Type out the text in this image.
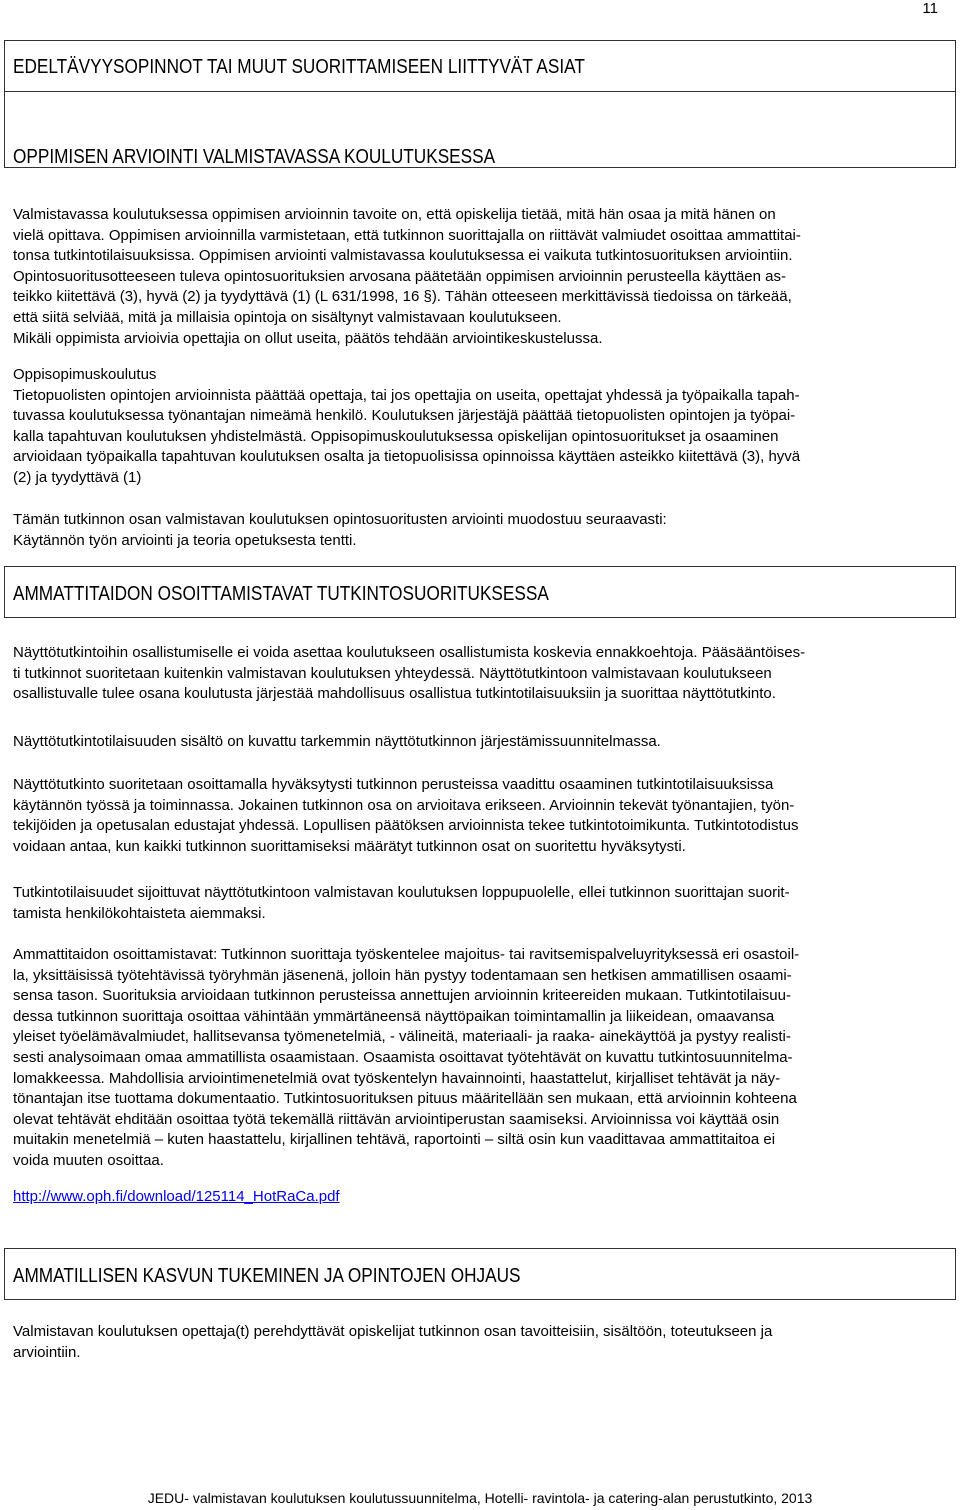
11
EDELTÄVYYSOPINNOT TAI MUUT SUORITTAMISEEN LIITTYVÄT ASIAT
OPPIMISEN ARVIOINTI VALMISTAVASSA KOULUTUKSESSA
Valmistavassa koulutuksessa oppimisen arvioinnin tavoite on, että opiskelija tietää, mitä hän osaa ja mitä hänen on
vielä opittava. Oppimisen arvioinnilla varmistetaan, että tutkinnon suorittajalla on riittävät valmiudet osoittaa ammattitai-
tonsa tutkintotilaisuuksissa. Oppimisen arviointi valmistavassa koulutuksessa ei vaikuta tutkintosuorituksen arviointiin.
Opintosuoritusotteeseen tuleva opintosuorituksien arvosana päätetään oppimisen arvioinnin perusteella käyttäen as-
teikko kiitettävä (3), hyvä (2) ja tyydyttävä (1) (L 631/1998, 16 §). Tähän otteeseen merkittävissä tiedoissa on tärkeää,
että siitä selviää, mitä ja millaisia opintoja on sisältynyt valmistavaan koulutukseen.
Mikäli oppimista arvioivia opettajia on ollut useita, päätös tehdään arviointikeskustelussa.
Oppisopimuskoulutus
Tietopuolisten opintojen arvioinnista päättää opettaja, tai jos opettajia on useita, opettajat yhdessä ja työpaikalla tapah-
tuvassa koulutuksessa työnantajan nimeämä henkilö. Koulutuksen järjestäjä päättää tietopuolisten opintojen ja työpai-
kalla tapahtuvan koulutuksen yhdistelmästä. Oppisopimuskoulutuksessa opiskelijan opintosuoritukset ja osaaminen
arvioidaan työpaikalla tapahtuvan koulutuksen osalta ja tietopuolisissa opinnoissa käyttäen asteikko kiitettävä (3), hyvä
(2) ja tyydyttävä (1)
Tämän tutkinnon osan valmistavan koulutuksen opintosuoritusten arviointi muodostuu seuraavasti:
Käytännön työn arviointi ja teoria opetuksesta tentti.
AMMATTITAIDON OSOITTAMISTAVAT TUTKINTOSUORITUKSESSA
Näyttötutkintoihin osallistumiselle ei voida asettaa koulutukseen osallistumista koskevia ennakkoehtoja. Pääsääntöises-
ti tutkinnot suoritetaan kuitenkin valmistavan koulutuksen yhteydessä. Näyttötutkintoon valmistavaan koulutukseen
osallistuvalle tulee osana koulutusta järjestää mahdollisuus osallistua tutkintotilaisuuksiin ja suorittaa näyttötutkinto.
Näyttötutkintotilaisuuden sisältö on kuvattu tarkemmin näyttötutkinnon järjestämissuunnitelmassa.
Näyttötutkinto suoritetaan osoittamalla hyväksytysti tutkinnon perusteissa vaadittu osaaminen tutkintotilaisuuksissa
käytännön työssä ja toiminnassa. Jokainen tutkinnon osa on arvioitava erikseen. Arvioinnin tekevät työnantajien, työn-
tekijöiden ja opetusalan edustajat yhdessä. Lopullisen päätöksen arvioinnista tekee tutkintotoimikunta. Tutkintotodistus
voidaan antaa, kun kaikki tutkinnon suorittamiseksi määrätyt tutkinnon osat on suoritettu hyväksytysti.
Tutkintotilaisuudet sijoittuvat näyttötutkintoon valmistavan koulutuksen loppupuolelle, ellei tutkinnon suorittajan suorit-
tamista henkilökohtaisteta aiemmaksi.
Ammattitaidon osoittamistavat: Tutkinnon suorittaja työskentelee majoitus- tai ravitsemispalveluyrityksessä eri osastoil-
la, yksittäisissä työtehtävissä työryhmän jäsenenä, jolloin hän pystyy todentamaan sen hetkisen ammatillisen osaami-
sensa tason. Suorituksia arvioidaan tutkinnon perusteissa annettujen arvioinnin kriteereiden mukaan. Tutkintotilaisuu-
dessa tutkinnon suorittaja osoittaa vähintään ymmärtäneensä näyttöpaikan toimintamallin ja liikeidean, omaavansa
yleiset työelämävalmiudet, hallitsevansa työmenetelmiä, - välineitä, materiaali- ja raaka- ainekäyttöä ja pystyy realisti-
sesti analysoimaan omaa ammatillista osaamistaan. Osaamista osoittavat työtehtävät on kuvattu tutkintosuunnitelma-
lomakkeessa. Mahdollisia arviointimenetelmiä ovat työskentelyn havainnointi, haastattelut, kirjalliset tehtävät ja näy-
tönantajan itse tuottama dokumentaatio. Tutkintosuorituksen pituus määritellään sen mukaan, että arvioinnin kohteena
olevat tehtävät ehditään osoittaa työtä tekemällä riittävän arviointiperustan saamiseksi. Arvioinnissa voi käyttää osin
muitakin menetelmiä – kuten haastattelu, kirjallinen tehtävä, raportointi – siltä osin kun vaadittavaa ammattitaitoa ei
voida muuten osoittaa.
http://www.oph.fi/download/125114_HotRaCa.pdf
AMMATILLISEN KASVUN TUKEMINEN JA OPINTOJEN OHJAUS
Valmistavan koulutuksen opettaja(t) perehdyttävät opiskelijat tutkinnon osan tavoitteisiin, sisältöön, toteutukseen ja
arviointiin.
JEDU- valmistavan koulutuksen koulutussuunnitelma, Hotelli- ravintola- ja catering-alan perustutkinto, 2013
